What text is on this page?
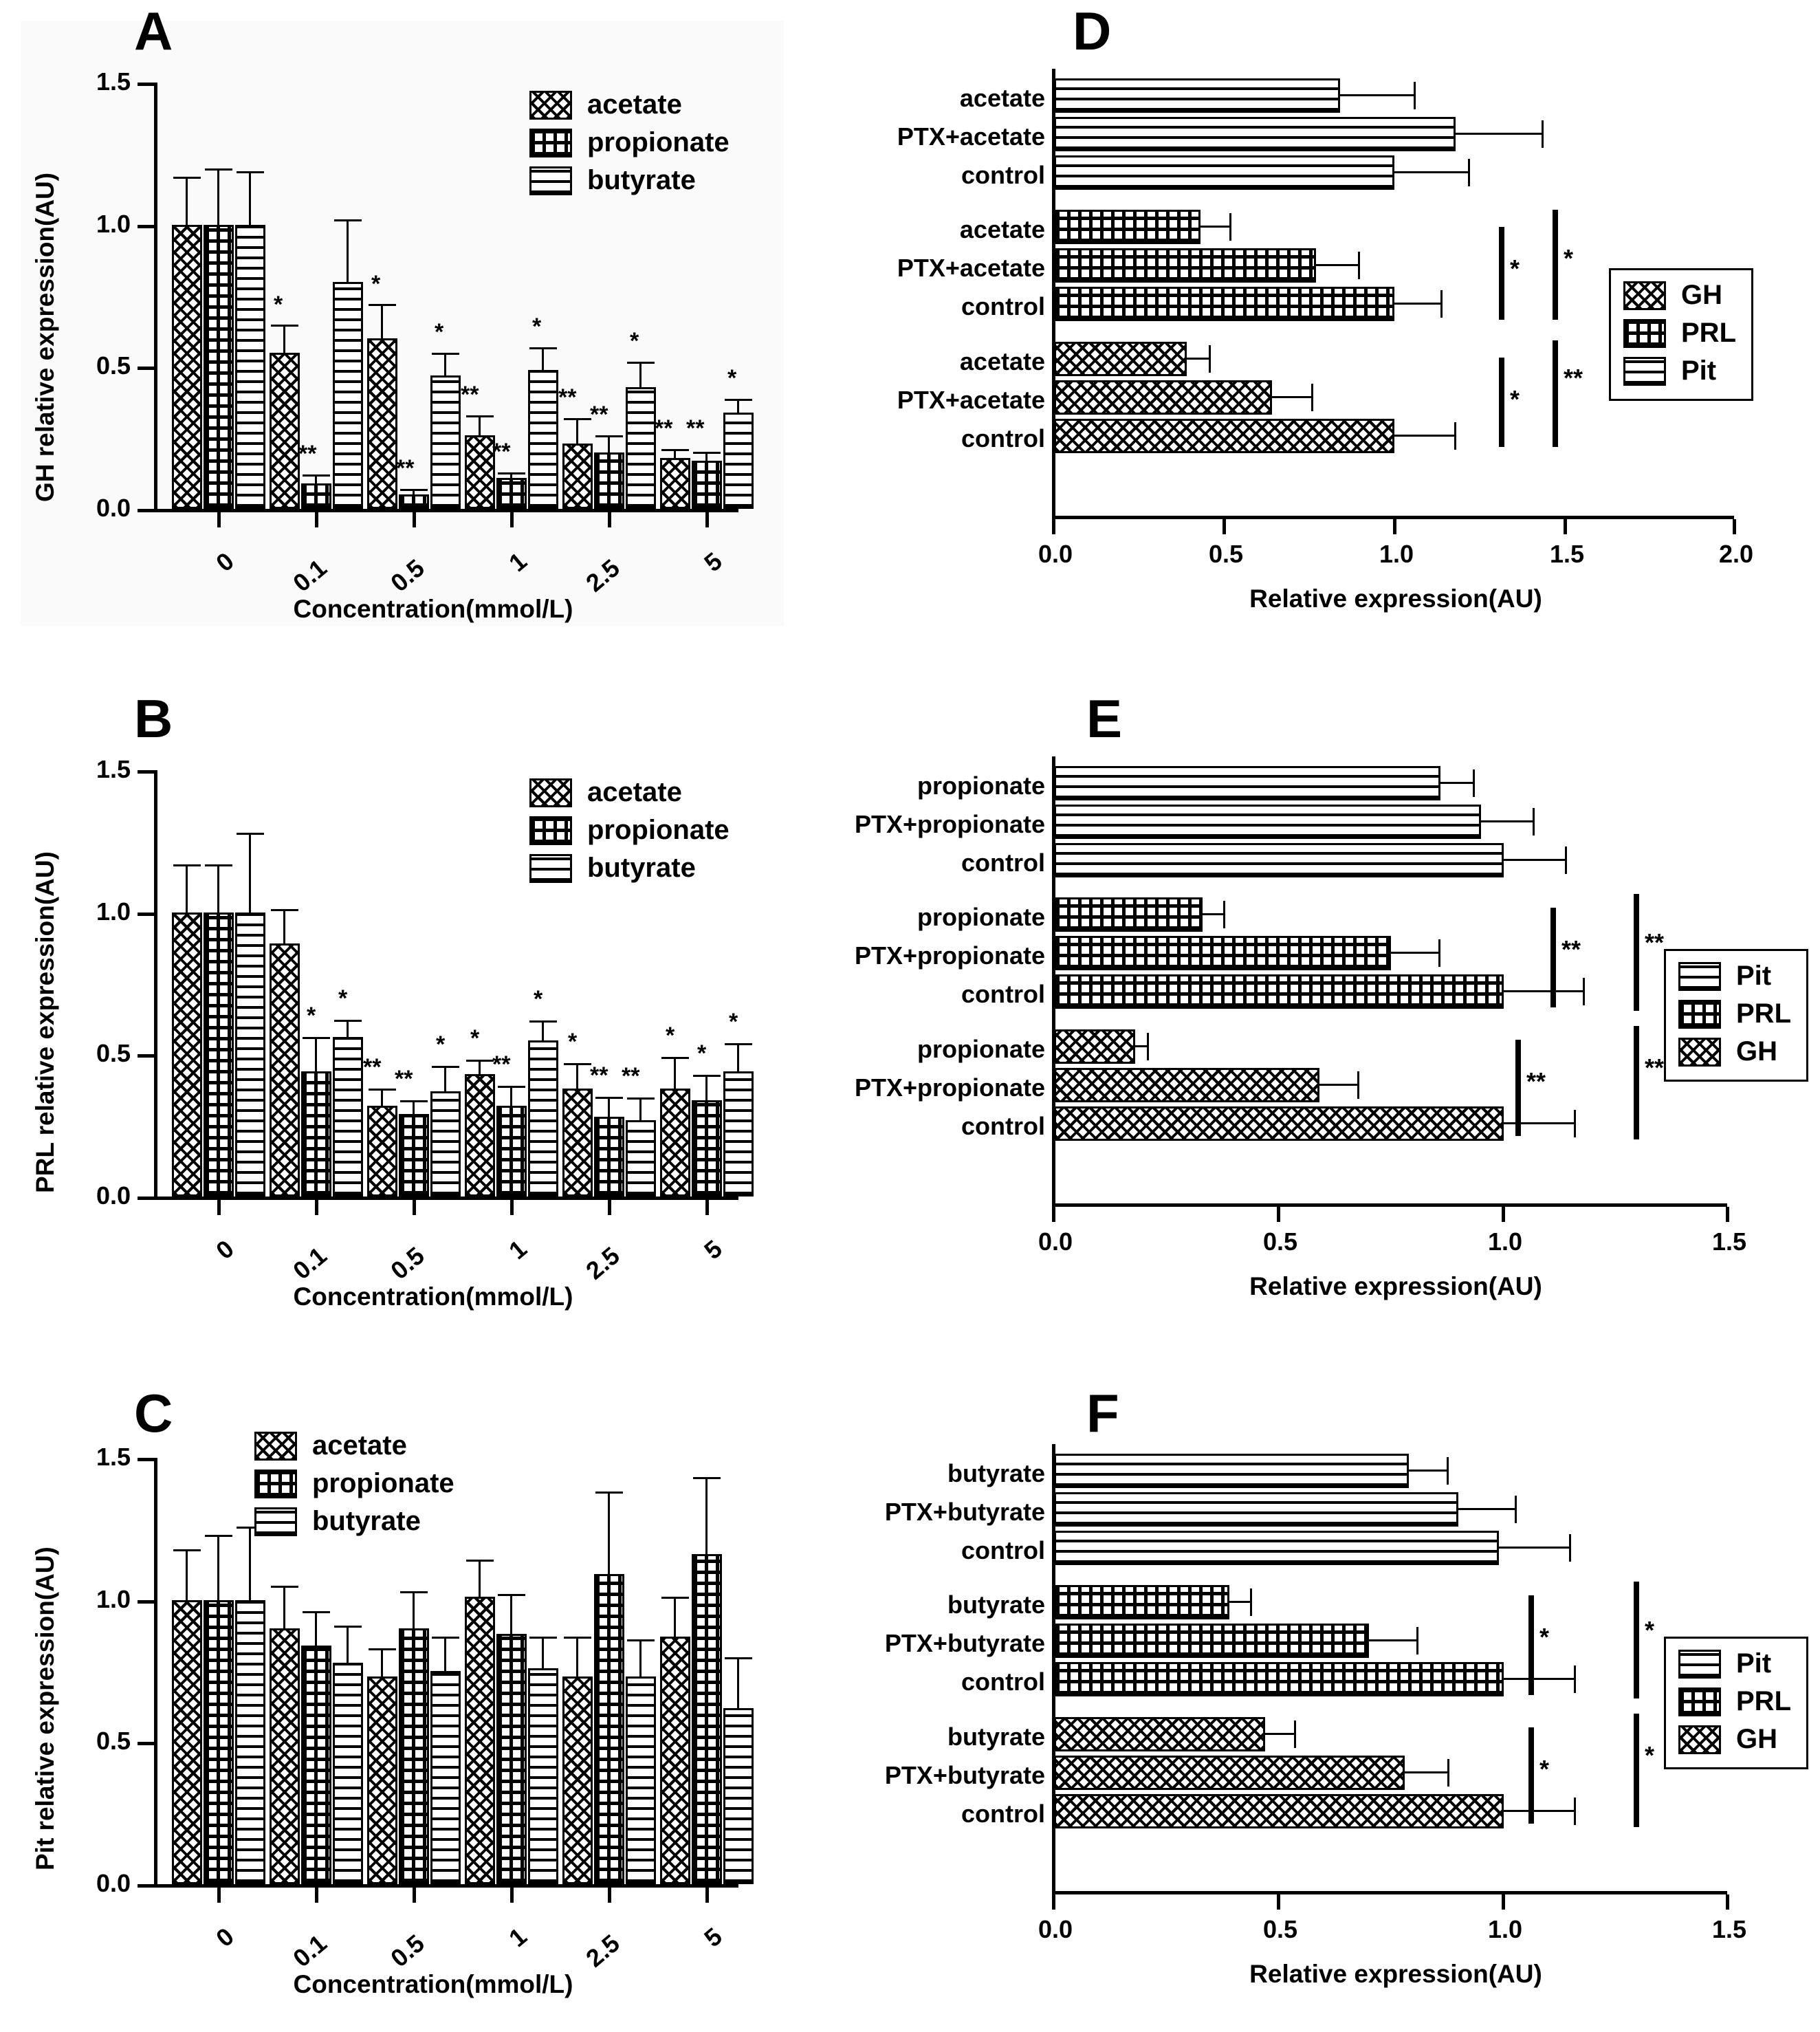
A
GH relative expression(AU)
0.0
0.5
1.0
1.5
*
**
*
**
*
**
**
*
**
**
*
** **
*
0	0.1	0.5	1	2.5	5
Concentration(mmol/L)
acetate
propionate
butyrate
B
PRL relative expression(AU)
0.0
0.5
1.0
1.5
*
*
** **
* *
**
*
*
** **
*
*
*
0	0.1	0.5	1	2.5	5
Concentration(mmol/L)
acetate
propionate
butyrate
C
Pit relative expression(AU)
0.0
0.5
1.0
1.5
0	0.1	0.5	1	2.5	5
Concentration(mmol/L)
acetate
propionate
butyrate
D
0.0	0.5	1.0	1.5	2.0
Relative expression(AU)
acetate
PTX+acetate
control
acetate
PTX+acetate
control
* *
acetate
PTX+acetate
control
*
**
GH
PRL
Pit
E
0.0	0.5	1.0	1.5
Relative expression(AU)
propionate
PTX+propionate
control
propionate
PTX+propionate
control
**	**
propionate
PTX+propionate
control
**	**
Pit
PRL
GH
F
0.0	0.5	1.0	1.5
Relative expression(AU)
butyrate
PTX+butyrate
control
butyrate
PTX+butyrate
control
*	*
butyrate
PTX+butyrate
control
*	*
Pit
PRL
GH
